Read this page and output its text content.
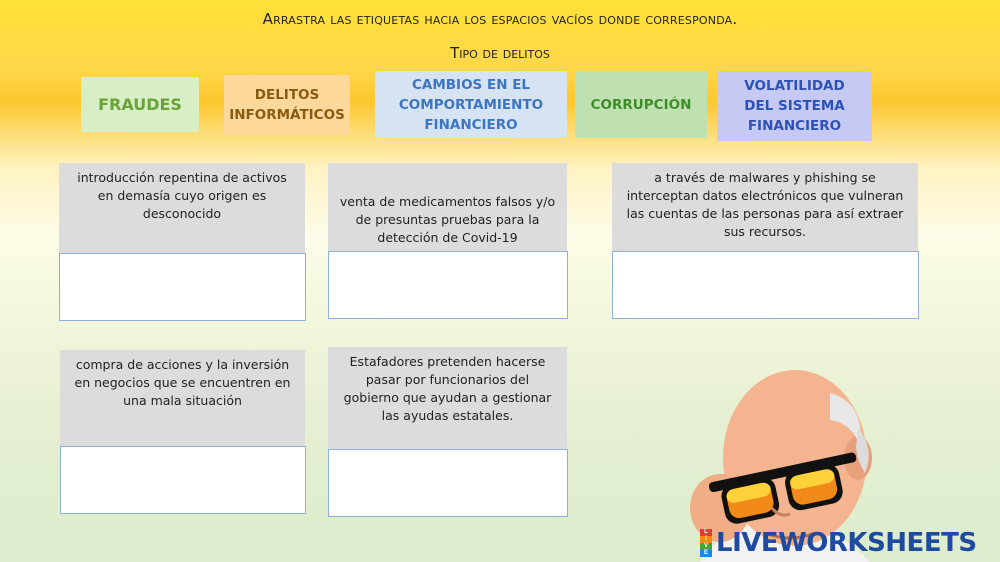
Arrastra las etiquetas hacia los espacios vacíos donde corresponda.
Tipo de delitos
FRAUDES	DELITOS INFORMÁTICOS
CAMBIOS EN EL COMPORTAMIENTO FINANCIERO
CORRUPCIÓN
VOLATILIDAD DEL SISTEMA FINANCIERO
introducción repentina de activos en demasía cuyo origen es desconocido
venta de medicamentos falsos y/o de presuntas pruebas para la detección de Covid-19
a través de malwares y phishing se interceptan datos electrónicos que vulneran las cuentas de las personas para así extraer sus recursos.
compra de acciones y la inversión en negocios que se encuentren en una mala situación
Estafadores pretenden hacerse pasar por funcionarios del gobierno que ayudan a gestionar las ayudas estatales.
L
I
V
E LIVEWORKSHEETS
